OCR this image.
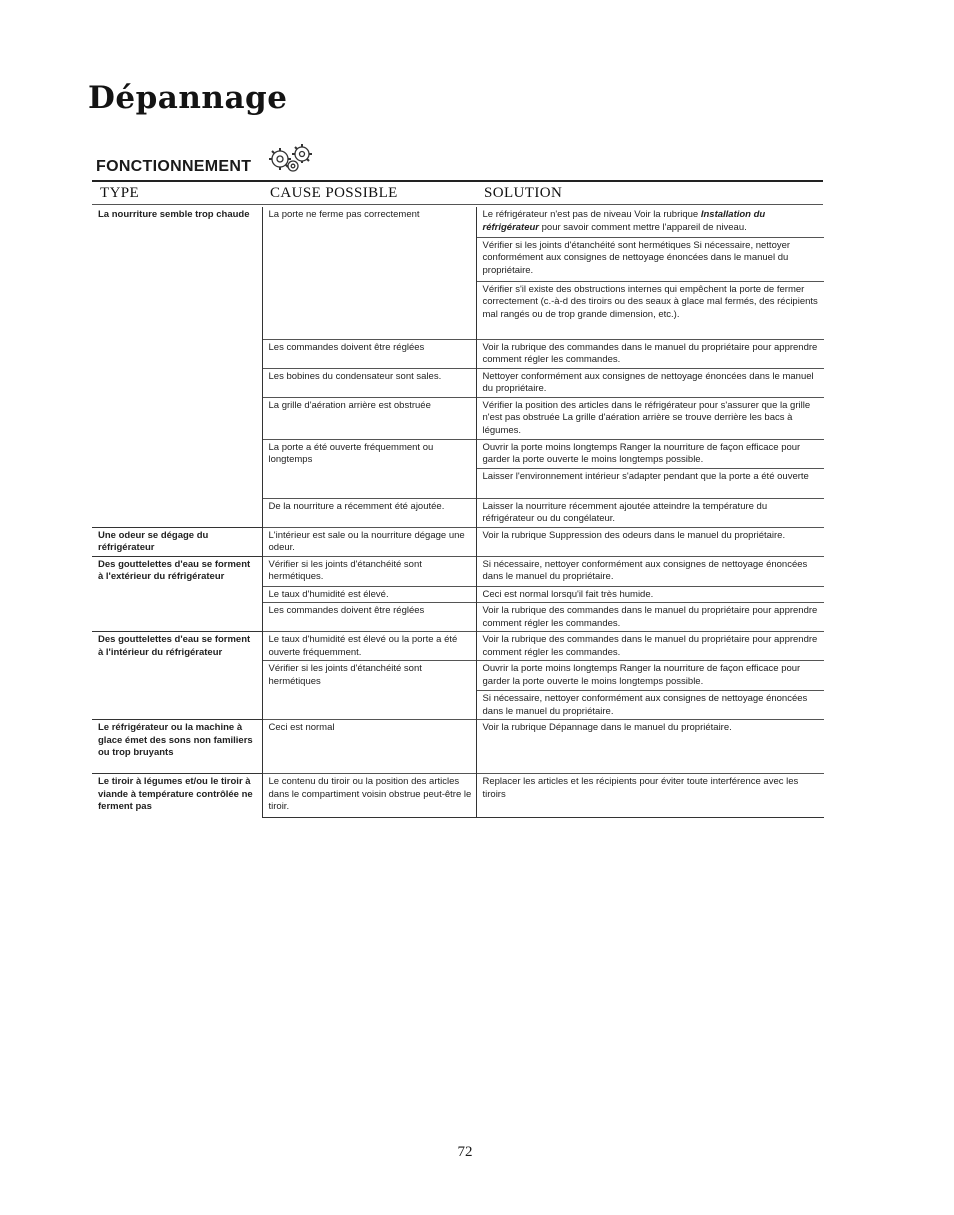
Dépannage
FONCTIONNEMENT
TYPE	CAUSE POSSIBLE	SOLUTION
La nourriture semble trop chaude	La porte ne ferme pas correctement	Le réfrigérateur n'est pas de niveau Voir la rubrique Installation du réfrigérateur pour savoir comment mettre l'appareil de niveau.
		Vérifier si les joints d'étanchéité sont hermétiques Si nécessaire, nettoyer conformément aux consignes de nettoyage énoncées dans le manuel du propriétaire.
		Vérifier s'il existe des obstructions internes qui empêchent la porte de fermer correctement (c.-à-d des tiroirs ou des seaux à glace mal fermés, des récipients mal rangés ou de trop grande dimension, etc.).
	Les commandes doivent être réglées	Voir la rubrique des commandes dans le manuel du propriétaire pour apprendre comment régler les commandes.
	Les bobines du condensateur sont sales.	Nettoyer conformément aux consignes de nettoyage énoncées dans le manuel du propriétaire.
	La grille d'aération arrière est obstruée	Vérifier la position des articles dans le réfrigérateur pour s'assurer que la grille n'est pas obstruée La grille d'aération arrière se trouve derrière les bacs à légumes.
	La porte a été ouverte fréquemment ou longtemps	Ouvrir la porte moins longtemps Ranger la nourriture de façon efficace pour garder la porte ouverte le moins longtemps possible.
		Laisser l'environnement intérieur s'adapter pendant que la porte a été ouverte
	De la nourriture a récemment été ajoutée.	Laisser la nourriture récemment ajoutée atteindre la température du réfrigérateur ou du congélateur.
Une odeur se dégage du réfrigérateur	L'intérieur est sale ou la nourriture dégage une odeur.	Voir la rubrique Suppression des odeurs dans le manuel du propriétaire.
Des gouttelettes d'eau se forment à l'extérieur du réfrigérateur	Vérifier si les joints d'étanchéité sont hermétiques.	Si nécessaire, nettoyer conformément aux consignes de nettoyage énoncées dans le manuel du propriétaire.
	Le taux d'humidité est élevé.	Ceci est normal lorsqu'il fait très humide.
	Les commandes doivent être réglées	Voir la rubrique des commandes dans le manuel du propriétaire pour apprendre comment régler les commandes.
Des gouttelettes d'eau se forment à l'intérieur du réfrigérateur	Le taux d'humidité est élevé ou la porte a été ouverte fréquemment.	Voir la rubrique des commandes dans le manuel du propriétaire pour apprendre comment régler les commandes.
	Vérifier si les joints d'étanchéité sont hermétiques	Ouvrir la porte moins longtemps Ranger la nourriture de façon efficace pour garder la porte ouverte le moins longtemps possible.
		Si nécessaire, nettoyer conformément aux consignes de nettoyage énoncées dans le manuel du propriétaire.
Le réfrigérateur ou la machine à glace émet des sons non familiers ou trop bruyants	Ceci est normal	Voir la rubrique Dépannage dans le manuel du propriétaire.
Le tiroir à légumes et/ou le tiroir à viande à température contrôlée ne ferment pas	Le contenu du tiroir ou la position des articles dans le compartiment voisin obstrue peut-être le tiroir.	Replacer les articles et les récipients pour éviter toute interférence avec les tiroirs
72
